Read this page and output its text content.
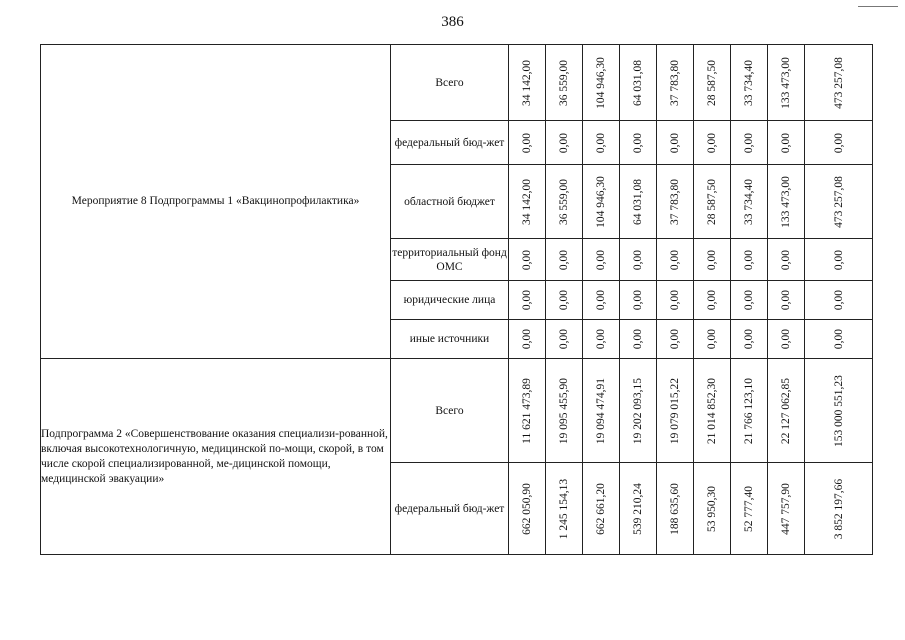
386
Мероприятие 8 Подпрограммы 1 «Вакцинопрофилактика»	Всего	34 142,00	36 559,00	104 946,30	64 031,08	37 783,80	28 587,50	33 734,40	133 473,00	473 257,08

	федеральный бюд-жет	0,00	0,00	0,00	0,00	0,00	0,00	0,00	0,00	0,00

	областной бюджет	34 142,00	36 559,00	104 946,30	64 031,08	37 783,80	28 587,50	33 734,40	133 473,00	473 257,08

	территориальный фонд ОМС	0,00	0,00	0,00	0,00	0,00	0,00	0,00	0,00	0,00

	юридические лица	0,00	0,00	0,00	0,00	0,00	0,00	0,00	0,00	0,00

	иные источники	0,00	0,00	0,00	0,00	0,00	0,00	0,00	0,00	0,00

Подпрограмма 2 «Совершенствование оказания специализи-рованной, включая высокотехнологичную, медицинской по-мощи, скорой, в том числе скорой специализированной, ме-дицинской помощи, медицинской эвакуации»	Всего	11 621 473,89	19 095 455,90	19 094 474,91	19 202 093,15	19 079 015,22	21 014 852,30	21 766 123,10	22 127 062,85	153 000 551,23

	федеральный бюд-жет	662 050,90	1 245 154,13	662 661,20	539 210,24	188 635,60	53 950,30	52 777,40	447 757,90	3 852 197,66
